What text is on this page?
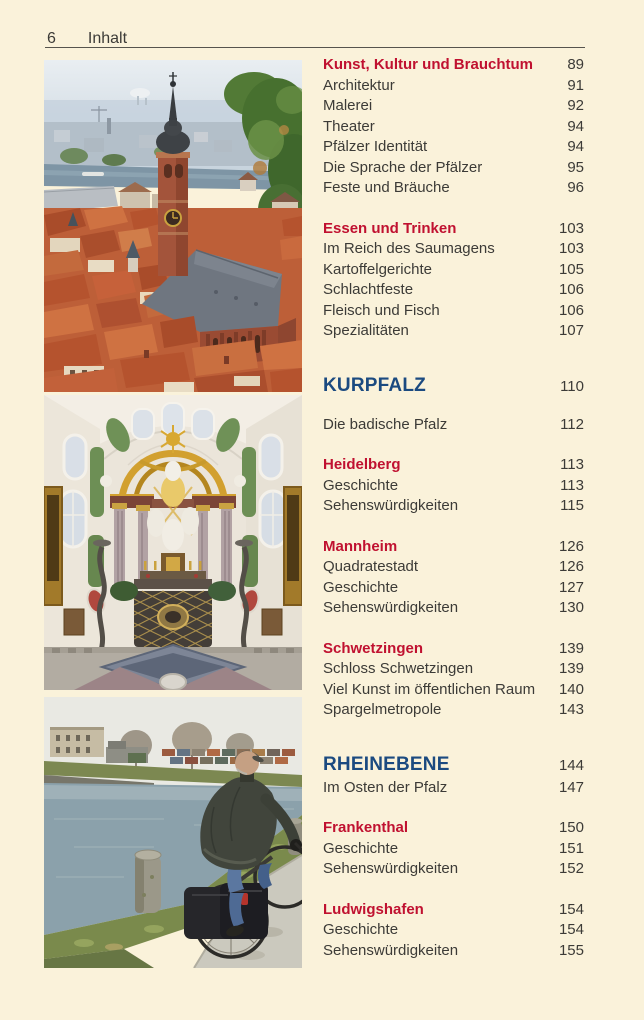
6 Inhalt
Kunst, Kultur und Brauchtum	89
Architektur	91
Malerei	92
Theater	94
Pfälzer Identität	94
Die Sprache der Pfälzer	95
Feste und Bräuche	96
Essen und Trinken	103
Im Reich des Saumagens	103
Kartoffelgerichte	105
Schlachtfeste	106
Fleisch und Fisch	106
Spezialitäten	107
KURPFALZ	110
Die badische Pfalz	112
Heidelberg	113
Geschichte	113
Sehenswürdigkeiten	115
Mannheim	126
Quadratestadt	126
Geschichte	127
Sehenswürdigkeiten	130
Schwetzingen	139
Schloss Schwetzingen	139
Viel Kunst im öffentlichen Raum	140
Spargelmetropole	143
RHEINEBENE	144
Im Osten der Pfalz	147
Frankenthal	150
Geschichte	151
Sehenswürdigkeiten	152
Ludwigshafen	154
Geschichte	154
Sehenswürdigkeiten	155
